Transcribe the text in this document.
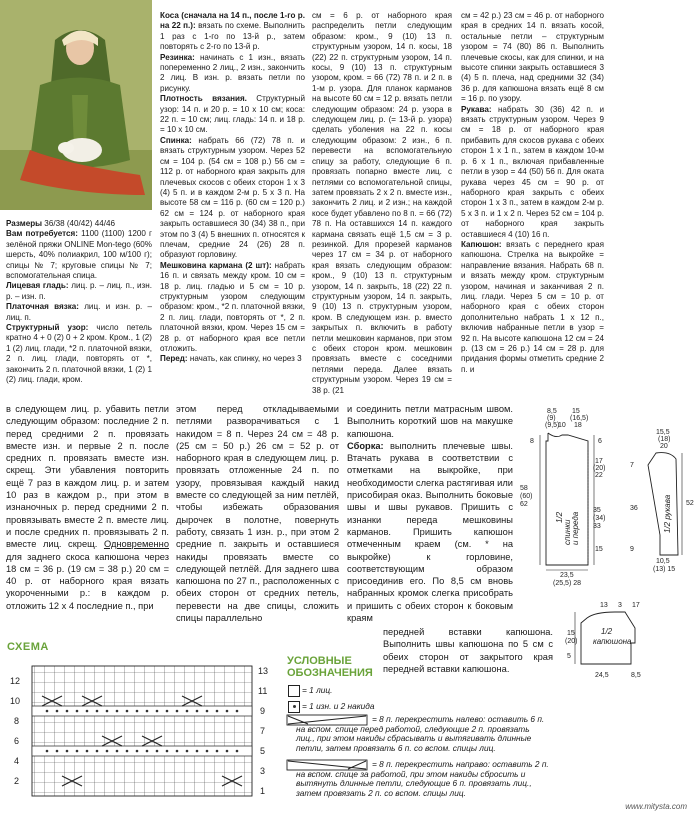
Размеры 36/38 (40/42) 44/46

Вам потребуется: 1100 (1100) 1200 г зелёной пряжи ONLINE Mon-tego (60% шерсть, 40% полиакрил, 100 м/100 г); спицы № 7; круговые спицы № 7; вспомогательная спица.

Лицевая гладь: лиц. р. – лиц. п., изн. р. – изн. п.

Платочная вязка: лиц. и изн. р. – лиц. п.

Структурный узор: число петель кратно 4 + 0 (2) 0 + 2 кром. Кром., 1 (2) 1 (2) лиц. глади, *2 п. платочной вязки, 2 п. лиц. глади, повторять от *, закончить 2 п. платочной вязки, 1 (2) 1 (2) лиц. глади, кром.

Коса (сначала на 14 п., после 1-го р. на 22 п.): вязать по схеме. Выполнить 1 раз с 1-го по 13-й р., затем повторять с 2-го по 13-й р.

Резинка: начинать с 1 изн., вязать попеременно 2 лиц., 2 изн., закончить 2 лиц. В изн. р. вязать петли по рисунку.

Плотность вязания. Структурный узор: 14 п. и 20 р. = 10 х 10 см; коса: 22 п. = 10 см; лиц. гладь: 14 п. и 18 р. = 10 х 10 см.

Спинка: набрать 66 (72) 78 п. и вязать структурным узором. Через 52 см = 104 р. (54 см = 108 р.) 56 см = 112 р. от наборного края закрыть для плечевых скосов с обеих сторон 1 х 3 (4) 5 п. и в каждом 2-м р. 5 х 3 п. На высоте 58 см = 116 р. (60 см = 120 р.) 62 см = 124 р. от наборного края закрыть оставшиеся 30 (34) 38 п., при этом по 3 (4) 5 внешних п. относятся к плечам, средние 24 (26) 28 п. образуют горловину.

Мешковина кармана (2 шт): набрать 16 п. и связать между кром. 10 см = 18 р. лиц. гладью и 5 см = 10 р. структурным узором следующим образом: кром., *2 п. платочной вязки, 2 п. лиц. глади, повторять от *, 2 п. платочной вязки, кром. Через 15 см = 28 р. от наборного края все петли отложить.

Перед: начать, как спинку, но через 3

см = 6 р. от наборного края распределить петли следующим образом: кром., 9 (10) 13 п. структурным узором, 14 п. косы, 18 (22) 22 п. структурным узором, 14 п. косы, 9 (10) 13 п. структурным узором, кром. = 66 (72) 78 п. и 2 п. в 1-м р. узора. Для планок карманов на высоте 60 см = 12 р. вязать петли следующим образом: 24 р. узора в следующем лиц. р. (= 13-й р. узора) сделать уболения на 22 п. косы следующим образом: 2 изн., 6 п. перевести на вспомогательную спицу за работу, следующие 6 п. провязать попарно вместе лиц. с петлями со вспомогательной спицы, затем провязать 2 х 2 п. вместе изн., закончить 2 лиц. и 2 изн.; на каждой косе будет убавлено по 8 п. = 66 (72) 78 п. На оставшихся 14 п. каждого кармана связать ещё 1,5 см = 3 р. резинкой. Для прорезей карманов через 17 см = 34 р. от наборного края вязать следующим образом: кром., 9 (10) 13 п. структурным узором, 14 п. закрыть, 18 (22) 22 п. структурным узором, 14 п. закрыть, 9 (10) 13 п. структурным узором, кром. В следующем изн. р. вместо закрытых п. включить в работу петли мешковин карманов, при этом с обеих сторон кром. мешковин провязать вместе с соседними петлями переда. Далее вязать структурным узором. Через 19 см = 38 р. (21

см = 42 р.) 23 см = 46 р. от наборного края в средних 14 п. вязать косой, остальные петли – структурным узором = 74 (80) 86 п. Выполнить плечевые скосы, как для спинки, и на высоте спинки закрыть оставшиеся 3 (4) 5 п. плеча, над средними 32 (34) 36 р. для капюшона вязать ещё 8 см = 16 р. по узору.

Рукава: набрать 30 (36) 42 п. и вязать структурным узором. Через 9 см = 18 р. от наборного края прибавить для скосов рукава с обеих сторон 1 х 1 п., затем в каждом 10-м р. 6 х 1 п., включая прибавленные петли в узор = 44 (50) 56 п. Для оката рукава через 45 см = 90 р. от наборного края закрыть с обеих сторон 1 х 3 п., затем в каждом 2-м р. 5 х 3 п. и 1 х 2 п. Через 52 см = 104 р. от наборного края закрыть оставшиеся 4 (10) 16 п.

Капюшон: вязать с переднего края капюшона. Стрелка на выкройке = направление вязания. Набрать 68 п. и вязать между кром. структурным узором, начиная и заканчивая 2 п. лиц. глади. Через 5 см = 10 р. от наборного края с обеих сторон дополнительно набрать 1 х 12 п., включив набранные петли в узор = 92 п. На высоте капюшона 12 см = 24 р. (13 см = 26 р.) 14 см = 28 р. для придания формы отметить средние 2 п. и

в следующем лиц. р. убавить петли следующим образом: последние 2 п. перед средними 2 п. провязать вместе изн. и первые 2 п. после средних п. провязать вместе изн. скрещ. Эти убавления повторить ещё 7 раз в каждом лиц. р. и затем 10 раз в каждом р., при этом в изнаночных р. перед средними 2 п. провязывать вместе 2 п. вместе лиц. и после средних п. провязывать 2 п. вместе лиц. скрещ. Одновременно для заднего скоса капюшона через 18 см = 36 р. (19 см = 38 р.) 20 см = 40 р. от наборного края вязать укороченными р.: в каждом р. отложить 12 х 4 последние п., при

этом перед откладываемыми петлями разворачиваться с 1 накидом = 8 п. Через 24 см = 48 р. (25 см = 50 р.) 26 см = 52 р. от наборного края в следующем лиц. р. провязать отложенные 24 п. по узору, провязывая каждый накид вместе со следующей за ним петлёй, чтобы избежать образования дырочек в полотне, повернуть работу, связать 1 изн. р., при этом 2 средние п. закрыть и оставшиеся накиды провязать вместе со следующей петлёй. Для заднего шва капюшона по 27 п., расположенных с обеих сторон от средних петель, перевести на две спицы, сложить спицы параллельно

и соединить петли матрасным швом. Выполнить короткий шов на макушке капюшона.

Сборка: выполнить плечевые швы. Втачать рукава в соответствии с отметками на выкройке, при необходимости слегка растягивая или присобирая оказ. Выполнить боковые швы и швы рукавов. Пришить с изнанки переда мешковины карманов. Пришить капюшон отмеченным краем (см. * на выкройке) к горловине, соответствующим образом присоединив его. По 8,5 см вновь набранных кромок слегка присобрать и пришить с обеих сторон к боковым краям

передней вставки капюшона. Выполнить швы капюшона по 5 см с обеих сторон от закрытого края передней вставки капюшона.

8,5
(9)
(9,5)
10
15
(16,5)
18
8	6
17
(20)
22
58
(60)
62
35
(34)
33
15
23,5
(25,5) 28
1/2
спинки и переда
15,5
(18)
20
7
36
52
9
10,5
(13) 15
1/2 рукава
13 3 17
15
(20)
5
24,5	8,5
1/2
капюшона
СХЕМА
12
10
8
6
4
2
13
11
9
7
5
3
1
УСЛОВНЫЕ
ОБОЗНАЧЕНИЯ
= 1 лиц.
= 1 изн. и 2 накида
= 8 п. перекрестить налево: оставить 6 п. на вспом. спице перед работой, следующие 2 п. провязать лиц., при этом накиды сбрасывать и вытягивать длинные петли, затем провязать 6 п. со вспом. спицы лиц.
= 8 п. перекрестить направо: оставить 2 п. на вспом. спице за работой, при этом накиды сбросить и вытянуть длинные петли, следующие 6 п. провязать лиц., затем провязать 2 п. со вспом. спицы лиц.
www.mitysta.com
